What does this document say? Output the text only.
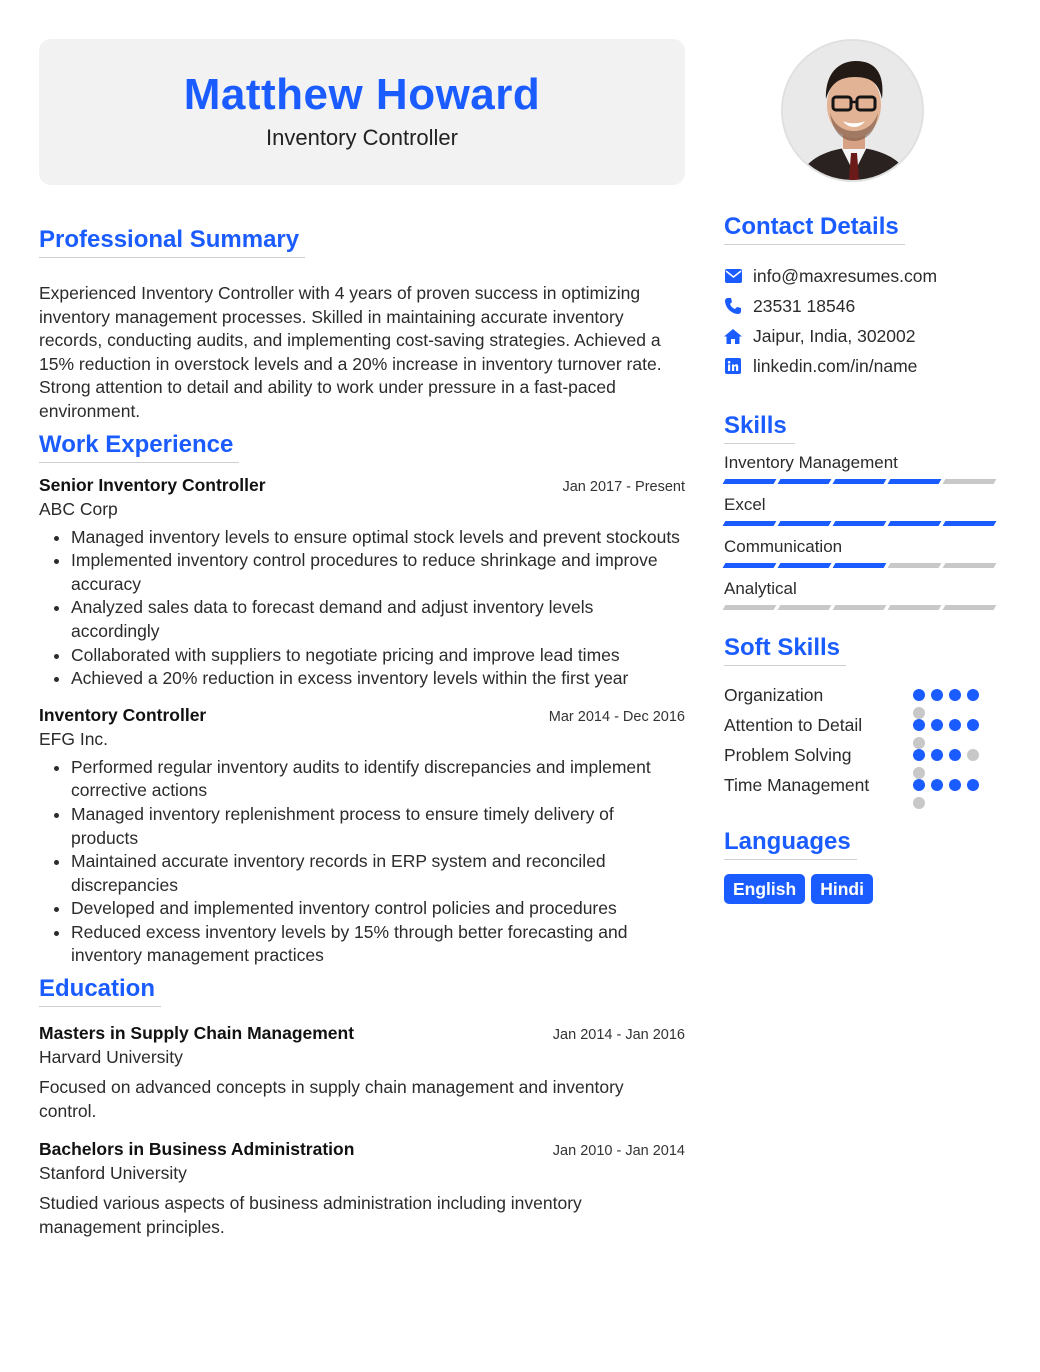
Matthew Howard
Inventory Controller
Professional Summary

Experienced Inventory Controller with 4 years of proven success in optimizing inventory management processes. Skilled in maintaining accurate inventory records, conducting audits, and implementing cost-saving strategies. Achieved a 15% reduction in overstock levels and a 20% increase in inventory turnover rate. Strong attention to detail and ability to work under pressure in a fast-paced environment.

Work Experience
Senior Inventory Controller	Jan 2017 - Present
ABC Corp
• Managed inventory levels to ensure optimal stock levels and prevent stockouts
• Implemented inventory control procedures to reduce shrinkage and improve accuracy
• Analyzed sales data to forecast demand and adjust inventory levels accordingly
• Collaborated with suppliers to negotiate pricing and improve lead times
• Achieved a 20% reduction in excess inventory levels within the first year
Inventory Controller	Mar 2014 - Dec 2016
EFG Inc.
• Performed regular inventory audits to identify discrepancies and implement corrective actions
• Managed inventory replenishment process to ensure timely delivery of products
• Maintained accurate inventory records in ERP system and reconciled discrepancies
• Developed and implemented inventory control policies and procedures
• Reduced excess inventory levels by 15% through better forecasting and inventory management practices
Education
Masters in Supply Chain Management	Jan 2014 - Jan 2016
Harvard University

Focused on advanced concepts in supply chain management and inventory control.

Bachelors in Business Administration	Jan 2010 - Jan 2014
Stanford University

Studied various aspects of business administration including inventory management principles.

Contact Details
info@maxresumes.com
23531 18546
Jaipur, India, 302002
linkedin.com/in/name
Skills
Inventory Management
Excel
Communication
Analytical
Soft Skills
Organization
Attention to Detail
Problem Solving
Time Management
Languages
English	Hindi
